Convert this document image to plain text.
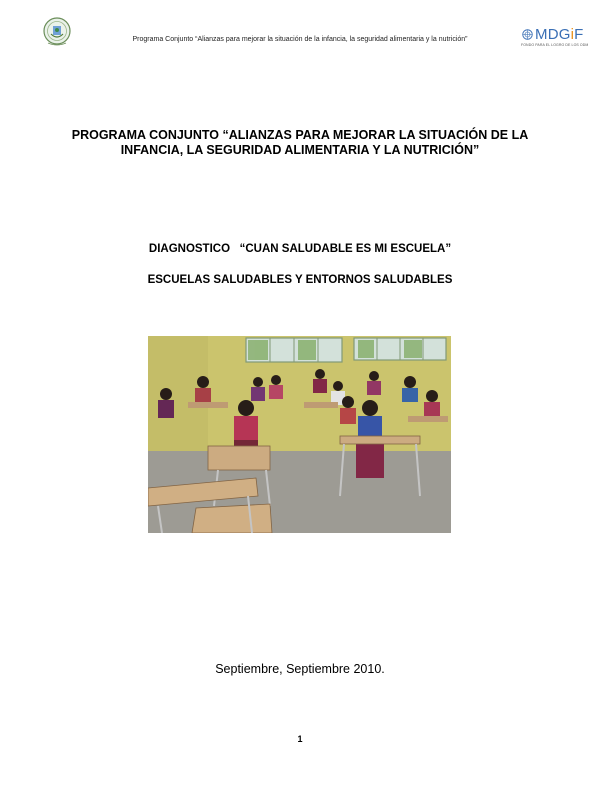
Programa Conjunto “Alianzas para mejorar la situación de la infancia, la seguridad alimentaria y la nutrición”	MDGiF
FONDO PARA EL LOGRO DE LOS ODM
PROGRAMA CONJUNTO “ALIANZAS PARA MEJORAR LA SITUACIÓN DE LA INFANCIA, LA SEGURIDAD ALIMENTARIA Y LA NUTRICIÓN”
DIAGNOSTICO   “CUAN SALUDABLE ES MI ESCUELA”
ESCUELAS SALUDABLES Y ENTORNOS SALUDABLES
Septiembre, Septiembre 2010.
1
